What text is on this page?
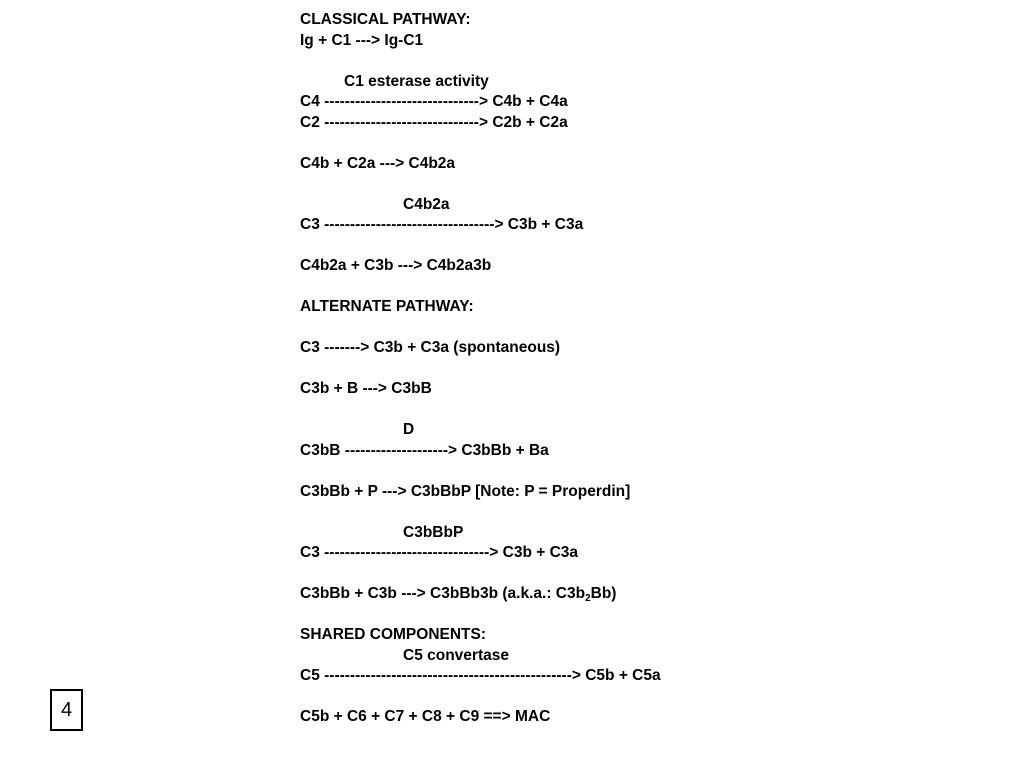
CLASSICAL PATHWAY:
Ig + C1 ---> Ig-C1
C1 esterase activity
C4 ------------------------------> C4b + C4a
C2 ------------------------------> C2b + C2a
C4b + C2a ---> C4b2a
C4b2a
C3 ---------------------------------> C3b + C3a
C4b2a + C3b ---> C4b2a3b
ALTERNATE PATHWAY:
C3 -------> C3b + C3a (spontaneous)
C3b + B ---> C3bB
D
C3bB --------------------> C3bBb + Ba
C3bBb + P ---> C3bBbP [Note: P = Properdin]
C3bBbP
C3 --------------------------------> C3b + C3a
C3bBb + C3b ---> C3bBb3b (a.k.a.: $C3b_2Bb$)
SHARED COMPONENTS:
C5 convertase
C5 ------------------------------------------------> C5b + C5a
C5b + C6 + C7 + C8 + C9 ==> MAC
4
